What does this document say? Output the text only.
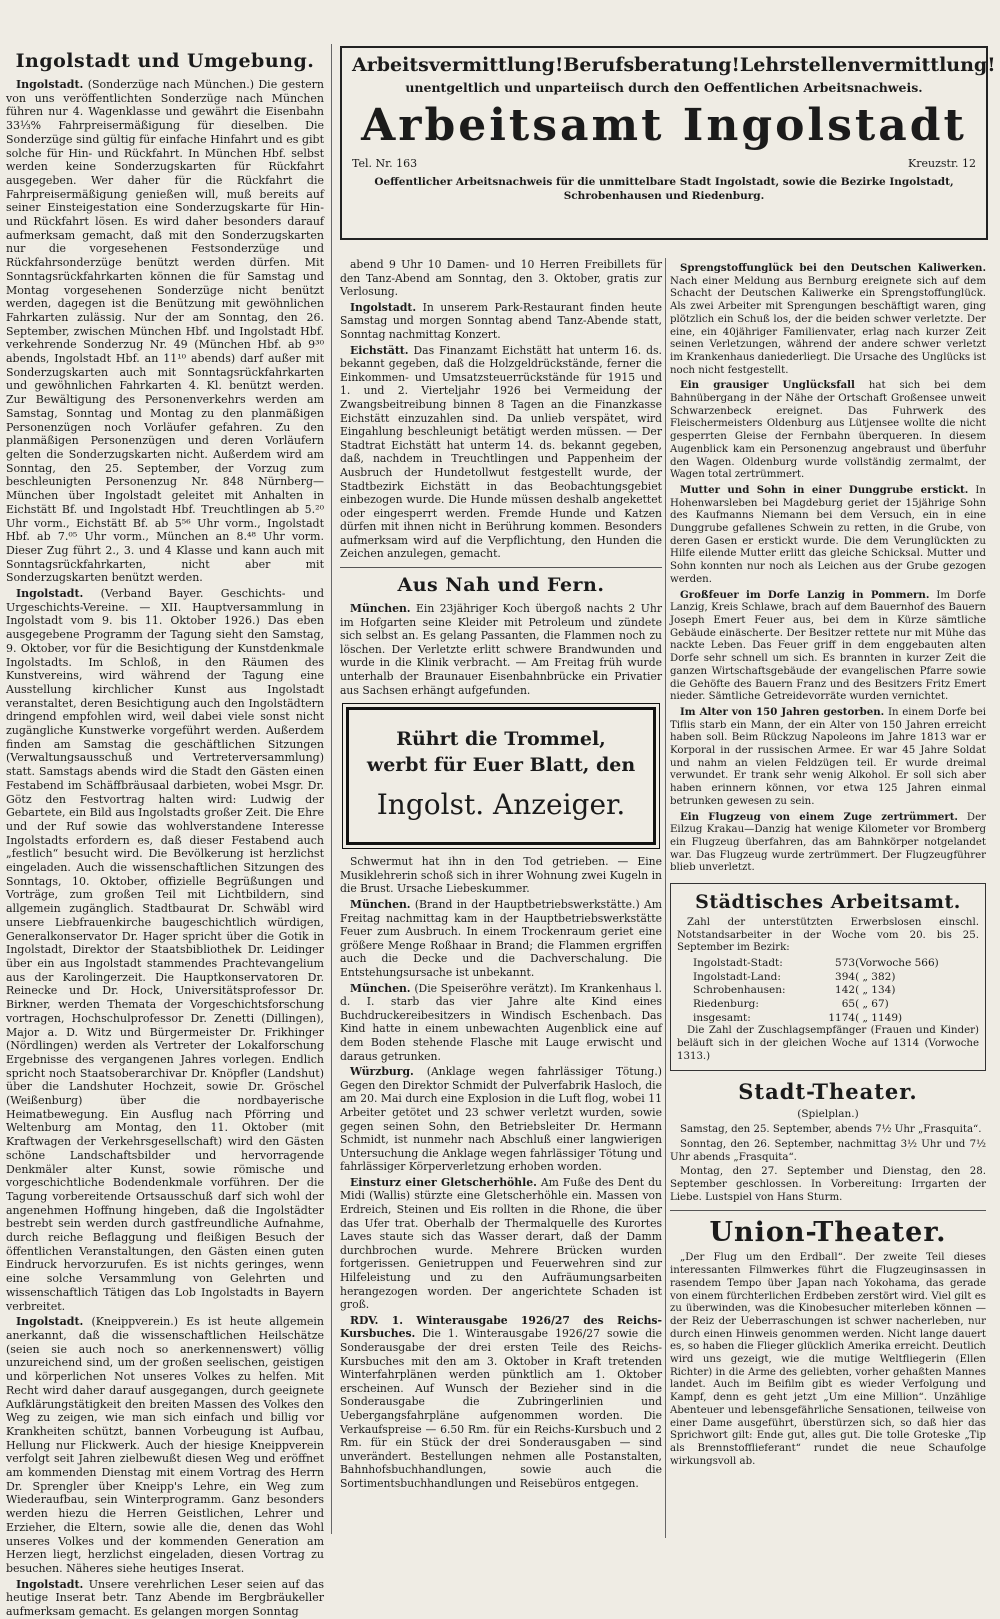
Ingolstadt und Umgebung.

Ingolstadt. (Sonderzüge nach München.) Die gestern von uns veröffentlichten Sonderzüge nach München führen nur 4. Wagenklasse und gewährt die Eisenbahn 33⅓% Fahrpreisermäßigung für dieselben. Die Sonderzüge sind gültig für einfache Hinfahrt und es gibt solche für Hin- und Rückfahrt. In München Hbf. selbst werden keine Sonderzugskarten für Rückfahrt ausgegeben. Wer daher für die Rückfahrt die Fahrpreisermäßigung genießen will, muß bereits auf seiner Einsteigestation eine Sonderzugskarte für Hin- und Rückfahrt lösen. Es wird daher besonders darauf aufmerksam gemacht, daß mit den Sonderzugskarten nur die vorgesehenen Festsonderzüge und Rückfahrsonderzüge benützt werden dürfen. Mit Sonntagsrückfahrkarten können die für Samstag und Montag vorgesehenen Sonderzüge nicht benützt werden, dagegen ist die Benützung mit gewöhnlichen Fahrkarten zulässig. Nur der am Sonntag, den 26. September, zwischen München Hbf. und Ingolstadt Hbf. verkehrende Sonderzug Nr. 49 (München Hbf. ab 9³⁰ abends, Ingolstadt Hbf. an 11¹⁰ abends) darf außer mit Sonderzugskarten auch mit Sonntagsrückfahrkarten und gewöhnlichen Fahrkarten 4. Kl. benützt werden. Zur Bewältigung des Personenverkehrs werden am Samstag, Sonntag und Montag zu den planmäßigen Personenzügen noch Vorläufer gefahren. Zu den planmäßigen Personenzügen und deren Vorläufern gelten die Sonderzugskarten nicht. Außerdem wird am Sonntag, den 25. September, der Vorzug zum beschleunigten Personenzug Nr. 848 Nürnberg—München über Ingolstadt geleitet mit Anhalten in Eichstätt Bf. und Ingolstadt Hbf. Treuchtlingen ab 5.²⁰ Uhr vorm., Eichstätt Bf. ab 5⁵⁶ Uhr vorm., Ingolstadt Hbf. ab 7.⁰⁵ Uhr vorm., München an 8.⁴⁸ Uhr vorm. Dieser Zug führt 2., 3. und 4 Klasse und kann auch mit Sonntagsrückfahrkarten, nicht aber mit Sonderzugskarten benützt werden.

Ingolstadt. (Verband Bayer. Geschichts- und Urgeschichts-Vereine. — XII. Hauptversammlung in Ingolstadt vom 9. bis 11. Oktober 1926.) Das eben ausgegebene Programm der Tagung sieht den Samstag, 9. Oktober, vor für die Besichtigung der Kunstdenkmale Ingolstadts. Im Schloß, in den Räumen des Kunstvereins, wird während der Tagung eine Ausstellung kirchlicher Kunst aus Ingolstadt veranstaltet, deren Besichtigung auch den Ingolstädtern dringend empfohlen wird, weil dabei viele sonst nicht zugängliche Kunstwerke vorgeführt werden. Außerdem finden am Samstag die geschäftlichen Sitzungen (Verwaltungsausschuß und Vertreterversammlung) statt. Samstags abends wird die Stadt den Gästen einen Festabend im Schäffbräusaal darbieten, wobei Msgr. Dr. Götz den Festvortrag halten wird: Ludwig der Gebartete, ein Bild aus Ingolstadts großer Zeit. Die Ehre und der Ruf sowie das wohlverstandene Interesse Ingolstadts erfordern es, daß dieser Festabend auch „festlich“ besucht wird. Die Bevölkerung ist herzlichst eingeladen. Auch die wissenschaftlichen Sitzungen des Sonntags, 10. Oktober, offizielle Begrüßungen und Vorträge, zum großen Teil mit Lichtbildern, sind allgemein zugänglich. Stadtbaurat Dr. Schwäbl wird unsere Liebfrauenkirche baugeschichtlich würdigen, Generalkonservator Dr. Hager spricht über die Gotik in Ingolstadt, Direktor der Staatsbibliothek Dr. Leidinger über ein aus Ingolstadt stammendes Prachtevangelium aus der Karolingerzeit. Die Hauptkonservatoren Dr. Reinecke und Dr. Hock, Universitätsprofessor Dr. Birkner, werden Themata der Vorgeschichtsforschung vortragen, Hochschulprofessor Dr. Zenetti (Dillingen), Major a. D. Witz und Bürgermeister Dr. Frikhinger (Nördlingen) werden als Vertreter der Lokalforschung Ergebnisse des vergangenen Jahres vorlegen. Endlich spricht noch Staatsoberarchivar Dr. Knöpfler (Landshut) über die Landshuter Hochzeit, sowie Dr. Gröschel (Weißenburg) über die nordbayerische Heimatbewegung. Ein Ausflug nach Pförring und Weltenburg am Montag, den 11. Oktober (mit Kraftwagen der Verkehrsgesellschaft) wird den Gästen schöne Landschaftsbilder und hervorragende Denkmäler alter Kunst, sowie römische und vorgeschichtliche Bodendenkmale vorführen. Der die Tagung vorbereitende Ortsausschuß darf sich wohl der angenehmen Hoffnung hingeben, daß die Ingolstädter bestrebt sein werden durch gastfreundliche Aufnahme, durch reiche Beflaggung und fleißigen Besuch der öffentlichen Veranstaltungen, den Gästen einen guten Eindruck hervorzurufen. Es ist nichts geringes, wenn eine solche Versammlung von Gelehrten und wissenschaftlich Tätigen das Lob Ingolstadts in Bayern verbreitet.

Ingolstadt. (Kneippverein.) Es ist heute allgemein anerkannt, daß die wissenschaftlichen Heilschätze (seien sie auch noch so anerkennenswert) völlig unzureichend sind, um der großen seelischen, geistigen und körperlichen Not unseres Volkes zu helfen. Mit Recht wird daher darauf ausgegangen, durch geeignete Aufklärungstätigkeit den breiten Massen des Volkes den Weg zu zeigen, wie man sich einfach und billig vor Krankheiten schützt, bannen Vorbeugung ist Aufbau, Hellung nur Flickwerk. Auch der hiesige Kneippverein verfolgt seit Jahren zielbewußt diesen Weg und eröffnet am kommenden Dienstag mit einem Vortrag des Herrn Dr. Sprengler über Kneipp's Lehre, ein Weg zum Wiederaufbau, sein Winterprogramm. Ganz besonders werden hiezu die Herren Geistlichen, Lehrer und Erzieher, die Eltern, sowie alle die, denen das Wohl unseres Volkes und der kommenden Generation am Herzen liegt, herzlichst eingeladen, diesen Vortrag zu besuchen. Näheres siehe heutiges Inserat.

Ingolstadt. Unsere verehrlichen Leser seien auf das heutige Inserat betr. Tanz Abende im Bergbräukeller aufmerksam gemacht. Es gelangen morgen Sonntag

Arbeitsvermittlung! Berufsberatung! Lehrstellenvermittlung!
unentgeltlich und unparteiisch durch den Oeffentlichen Arbeitsnachweis.
Arbeitsamt Ingolstadt
Tel. Nr. 163	Kreuzstr. 12
Oeffentlicher Arbeitsnachweis für die unmittelbare Stadt Ingolstadt, sowie die Bezirke Ingolstadt, Schrobenhausen und Riedenburg.

abend 9 Uhr 10 Damen- und 10 Herren Freibillets für den Tanz-Abend am Sonntag, den 3. Oktober, gratis zur Verlosung.

Ingolstadt. In unserem Park-Restaurant finden heute Samstag und morgen Sonntag abend Tanz-Abende statt, Sonntag nachmittag Konzert.

Eichstätt. Das Finanzamt Eichstätt hat unterm 16. ds. bekannt gegeben, daß die Holzgeldrückstände, ferner die Einkommen- und Umsatzsteuerrückstände für 1915 und 1. und 2. Vierteljahr 1926 bei Vermeidung der Zwangsbeitreibung binnen 8 Tagen an die Finanzkasse Eichstätt einzuzahlen sind. Da unlieb verspätet, wird Eingahlung beschleunigt betätigt werden müssen. — Der Stadtrat Eichstätt hat unterm 14. ds. bekannt gegeben, daß, nachdem in Treuchtlingen und Pappenheim der Ausbruch der Hundetollwut festgestellt wurde, der Stadtbezirk Eichstätt in das Beobachtungsgebiet einbezogen wurde. Die Hunde müssen deshalb angekettet oder eingesperrt werden. Fremde Hunde und Katzen dürfen mit ihnen nicht in Berührung kommen. Besonders aufmerksam wird auf die Verpflichtung, den Hunden die Zeichen anzulegen, gemacht.

Aus Nah und Fern.

München. Ein 23jähriger Koch übergoß nachts 2 Uhr im Hofgarten seine Kleider mit Petroleum und zündete sich selbst an. Es gelang Passanten, die Flammen noch zu löschen. Der Verletzte erlitt schwere Brandwunden und wurde in die Klinik verbracht. — Am Freitag früh wurde unterhalb der Braunauer Eisenbahnbrücke ein Privatier aus Sachsen erhängt aufgefunden.

Rührt die Trommel,
werbt für Euer Blatt, den
Ingolst. Anzeiger.

Schwermut hat ihn in den Tod getrieben. — Eine Musiklehrerin schoß sich in ihrer Wohnung zwei Kugeln in die Brust. Ursache Liebeskummer.

München. (Brand in der Hauptbetriebswerkstätte.) Am Freitag nachmittag kam in der Hauptbetriebswerkstätte Feuer zum Ausbruch. In einem Trockenraum geriet eine größere Menge Roßhaar in Brand; die Flammen ergriffen auch die Decke und die Dachverschalung. Die Entstehungsursache ist unbekannt.

München. (Die Speiseröhre verätzt). Im Krankenhaus l. d. I. starb das vier Jahre alte Kind eines Buchdruckereibesitzers in Windisch Eschenbach. Das Kind hatte in einem unbewachten Augenblick eine auf dem Boden stehende Flasche mit Lauge erwischt und daraus getrunken.

Würzburg. (Anklage wegen fahrlässiger Tötung.) Gegen den Direktor Schmidt der Pulverfabrik Hasloch, die am 20. Mai durch eine Explosion in die Luft flog, wobei 11 Arbeiter getötet und 23 schwer verletzt wurden, sowie gegen seinen Sohn, den Betriebsleiter Dr. Hermann Schmidt, ist nunmehr nach Abschluß einer langwierigen Untersuchung die Anklage wegen fahrlässiger Tötung und fahrlässiger Körperverletzung erhoben worden.

Einsturz einer Gletscherhöhle. Am Fuße des Dent du Midi (Wallis) stürzte eine Gletscherhöhle ein. Massen von Erdreich, Steinen und Eis rollten in die Rhone, die über das Ufer trat. Oberhalb der Thermalquelle des Kurortes Laves staute sich das Wasser derart, daß der Damm durchbrochen wurde. Mehrere Brücken wurden fortgerissen. Genietruppen und Feuerwehren sind zur Hilfeleistung und zu den Aufräumungsarbeiten herangezogen worden. Der angerichtete Schaden ist groß.

RDV. 1. Winterausgabe 1926/27 des Reichs-Kursbuches. Die 1. Winterausgabe 1926/27 sowie die Sonderausgabe der drei ersten Teile des Reichs-Kursbuches mit den am 3. Oktober in Kraft tretenden Winterfahrplänen werden pünktlich am 1. Oktober erscheinen. Auf Wunsch der Bezieher sind in die Sonderausgabe die Zubringerlinien und Uebergangsfahrpläne aufgenommen worden. Die Verkaufspreise — 6.50 Rm. für ein Reichs-Kursbuch und 2 Rm. für ein Stück der drei Sonderausgaben — sind unverändert. Bestellungen nehmen alle Postanstalten, Bahnhofsbuchhandlungen, sowie auch die Sortimentsbuchhandlungen und Reisebüros entgegen.

Sprengstoffunglück bei den Deutschen Kaliwerken. Nach einer Meldung aus Bernburg ereignete sich auf dem Schacht der Deutschen Kaliwerke ein Sprengstoffunglück. Als zwei Arbeiter mit Sprengungen beschäftigt waren, ging plötzlich ein Schuß los, der die beiden schwer verletzte. Der eine, ein 40jähriger Familienvater, erlag nach kurzer Zeit seinen Verletzungen, während der andere schwer verletzt im Krankenhaus daniederliegt. Die Ursache des Unglücks ist noch nicht festgestellt.

Ein grausiger Unglücksfall hat sich bei dem Bahnübergang in der Nähe der Ortschaft Großensee unweit Schwarzenbeck ereignet. Das Fuhrwerk des Fleischermeisters Oldenburg aus Lütjensee wollte die nicht gesperrten Gleise der Fernbahn überqueren. In diesem Augenblick kam ein Personenzug angebraust und überfuhr den Wagen. Oldenburg wurde vollständig zermalmt, der Wagen total zertrümmert.

Mutter und Sohn in einer Dunggrube erstickt. In Hohenwarsleben bei Magdeburg geriet der 15jährige Sohn des Kaufmanns Niemann bei dem Versuch, ein in eine Dunggrube gefallenes Schwein zu retten, in die Grube, von deren Gasen er erstickt wurde. Die dem Verunglückten zu Hilfe eilende Mutter erlitt das gleiche Schicksal. Mutter und Sohn konnten nur noch als Leichen aus der Grube gezogen werden.

Großfeuer im Dorfe Lanzig in Pommern. Im Dorfe Lanzig, Kreis Schlawe, brach auf dem Bauernhof des Bauern Joseph Emert Feuer aus, bei dem in Kürze sämtliche Gebäude einäscherte. Der Besitzer rettete nur mit Mühe das nackte Leben. Das Feuer griff in dem enggebauten alten Dorfe sehr schnell um sich. Es brannten in kurzer Zeit die ganzen Wirtschaftsgebäude der evangelischen Pfarre sowie die Gehöfte des Bauern Franz und des Besitzers Fritz Emert nieder. Sämtliche Getreidevorräte wurden vernichtet.

Im Alter von 150 Jahren gestorben. In einem Dorfe bei Tiflis starb ein Mann, der ein Alter von 150 Jahren erreicht haben soll. Beim Rückzug Napoleons im Jahre 1813 war er Korporal in der russischen Armee. Er war 45 Jahre Soldat und nahm an vielen Feldzügen teil. Er wurde dreimal verwundet. Er trank sehr wenig Alkohol. Er soll sich aber haben erinnern können, vor etwa 125 Jahren einmal betrunken gewesen zu sein.

Ein Flugzeug von einem Zuge zertrümmert. Der Eilzug Krakau—Danzig hat wenige Kilometer vor Bromberg ein Flugzeug überfahren, das am Bahnkörper notgelandet war. Das Flugzeug wurde zertrümmert. Der Flugzeugführer blieb unverletzt.

Städtisches Arbeitsamt.

Zahl der unterstützten Erwerbslosen einschl. Notstandsarbeiter in der Woche vom 20. bis 25. September im Bezirk:

Ingolstadt-Stadt:	573 (Vorwoche 566)
Ingolstadt-Land:	394 ( „ 382)
Schrobenhausen:	142 ( „ 134)
Riedenburg:	65 ( „ 67)
insgesamt:	1174 ( „ 1149)

Die Zahl der Zuschlagsempfänger (Frauen und Kinder) beläuft sich in der gleichen Woche auf 1314 (Vorwoche 1313.)

Stadt-Theater.
(Spielplan.)

Samstag, den 25. September, abends 7½ Uhr „Frasquita“.

Sonntag, den 26. September, nachmittag 3½ Uhr und 7½ Uhr abends „Frasquita“.

Montag, den 27. September und Dienstag, den 28. September geschlossen. In Vorbereitung: Irrgarten der Liebe. Lustspiel von Hans Sturm.

Union-Theater.

„Der Flug um den Erdball“. Der zweite Teil dieses interessanten Filmwerkes führt die Flugzeuginsassen in rasendem Tempo über Japan nach Yokohama, das gerade von einem fürchterlichen Erdbeben zerstört wird. Viel gilt es zu überwinden, was die Kinobesucher miterleben können — der Reiz der Ueberraschungen ist schwer nacherleben, nur durch einen Hinweis genommen werden. Nicht lange dauert es, so haben die Flieger glücklich Amerika erreicht. Deutlich wird uns gezeigt, wie die mutige Weltfliegerin (Ellen Richter) in die Arme des geliebten, vorher gehaßten Mannes landet. Auch im Beifilm gibt es wieder Verfolgung und Kampf, denn es geht jetzt „Um eine Million“. Unzählige Abenteuer und lebensgefährliche Sensationen, teilweise von einer Dame ausgeführt, überstürzen sich, so daß hier das Sprichwort gilt: Ende gut, alles gut. Die tolle Groteske „Tip als Brennstofflieferant“ rundet die neue Schaufolge wirkungsvoll ab.
